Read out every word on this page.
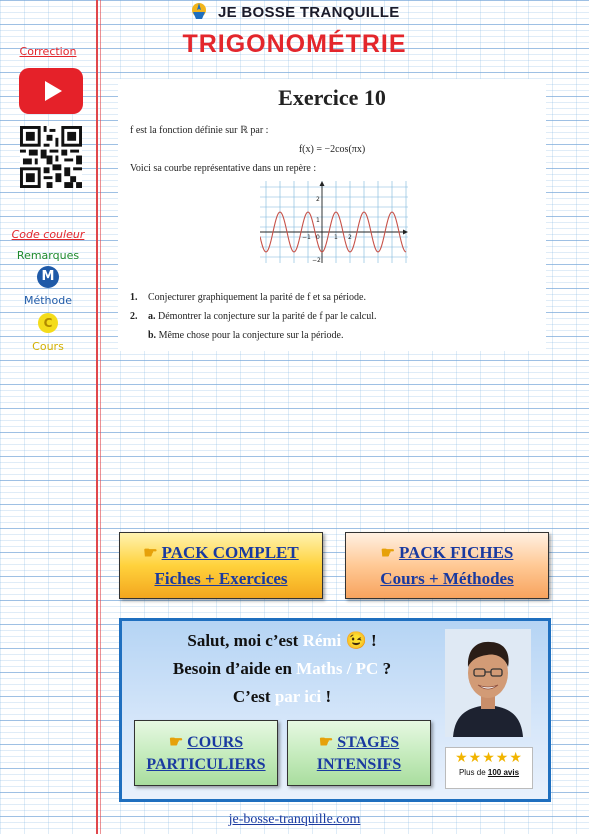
JE BOSSE TRANQUILLE
TRIGONOMÉTRIE
Correction
Code couleur
Remarques
M
Méthode
C
Cours
Exercice 10
f est la fonction définie sur ℝ par :
f(x) = −2cos(πx)
Voici sa courbe représentative dans un repère :
2
1
−2
−1 0 1 2
1. Conjecturer graphiquement la parité de f et sa période.
2. a. Démontrer la conjecture sur la parité de f par le calcul.
b. Même chose pour la conjecture sur la période.
☛ PACK COMPLET
Fiches + Exercices
☛ PACK FICHES
Cours + Méthodes
Salut, moi c’est Rémi 😉 !
Besoin d’aide en Maths / PC ?
C’est par ici !
★★★★★
Plus de 100 avis
☛ COURS
PARTICULIERS
☛ STAGES
INTENSIFS
je-bosse-tranquille.com
